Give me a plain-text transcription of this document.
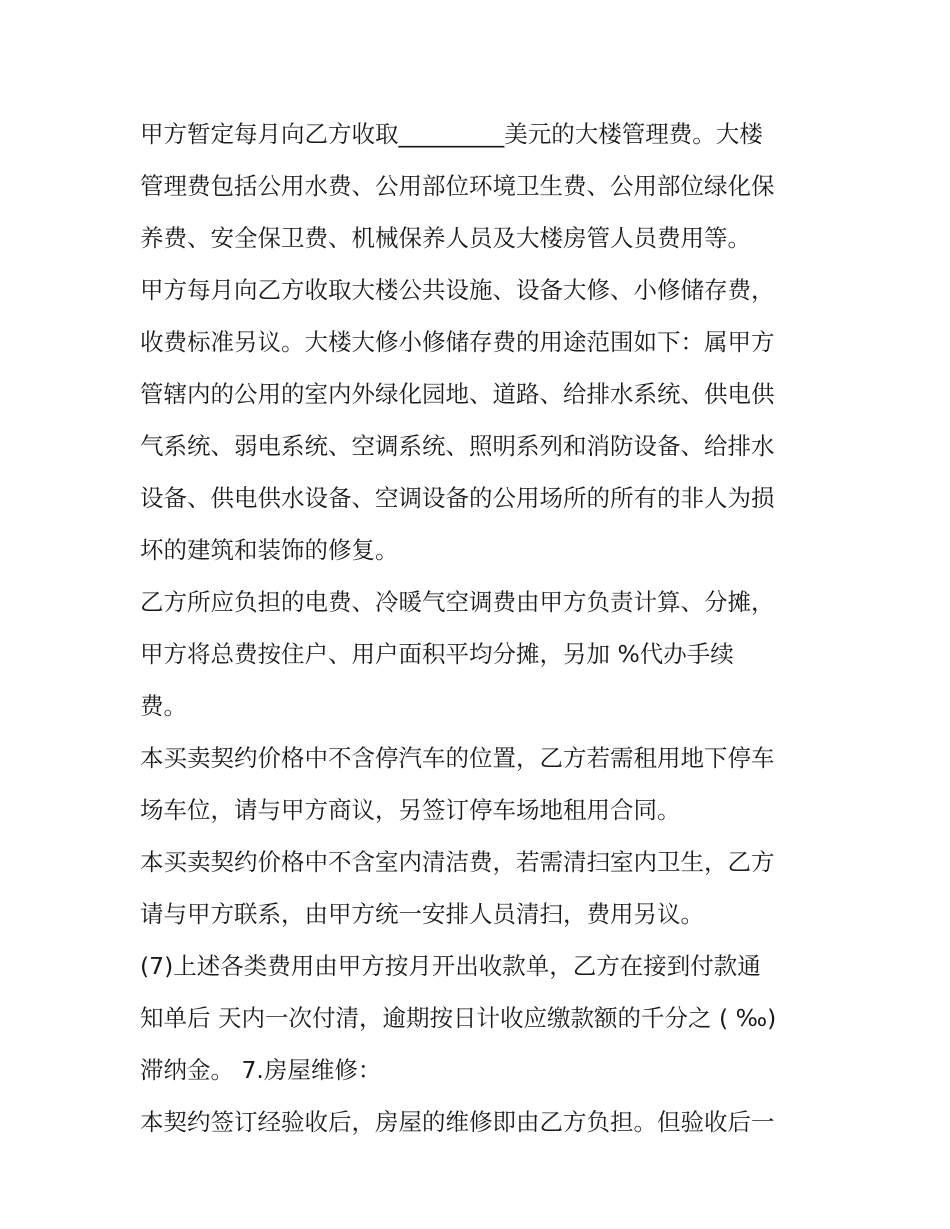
甲方暂定每月向乙方收取_________美元的大楼管理费。大楼

管理费包括公用水费、公用部位环境卫生费、公用部位绿化保

养费、安全保卫费、机械保养人员及大楼房管人员费用等。

甲方每月向乙方收取大楼公共设施、设备大修、小修储存费，

收费标准另议。大楼大修小修储存费的用途范围如下：属甲方

管辖内的公用的室内外绿化园地、道路、给排水系统、供电供

气系统、弱电系统、空调系统、照明系列和消防设备、给排水

设备、供电供水设备、空调设备的公用场所的所有的非人为损

坏的建筑和装饰的修复。

乙方所应负担的电费、冷暖气空调费由甲方负责计算、分摊，

甲方将总费按住户、用户面积平均分摊，另加 %代办手续

费。

本买卖契约价格中不含停汽车的位置，乙方若需租用地下停车

场车位，请与甲方商议，另签订停车场地租用合同。

本买卖契约价格中不含室内清洁费，若需清扫室内卫生，乙方

请与甲方联系，由甲方统一安排人员清扫，费用另议。

(7)上述各类费用由甲方按月开出收款单，乙方在接到付款通

知单后 天内一次付清，逾期按日计收应缴款额的千分之 ( ‰)

滞纳金。 7.房屋维修：

本契约签订经验收后，房屋的维修即由乙方负担。但验收后一
